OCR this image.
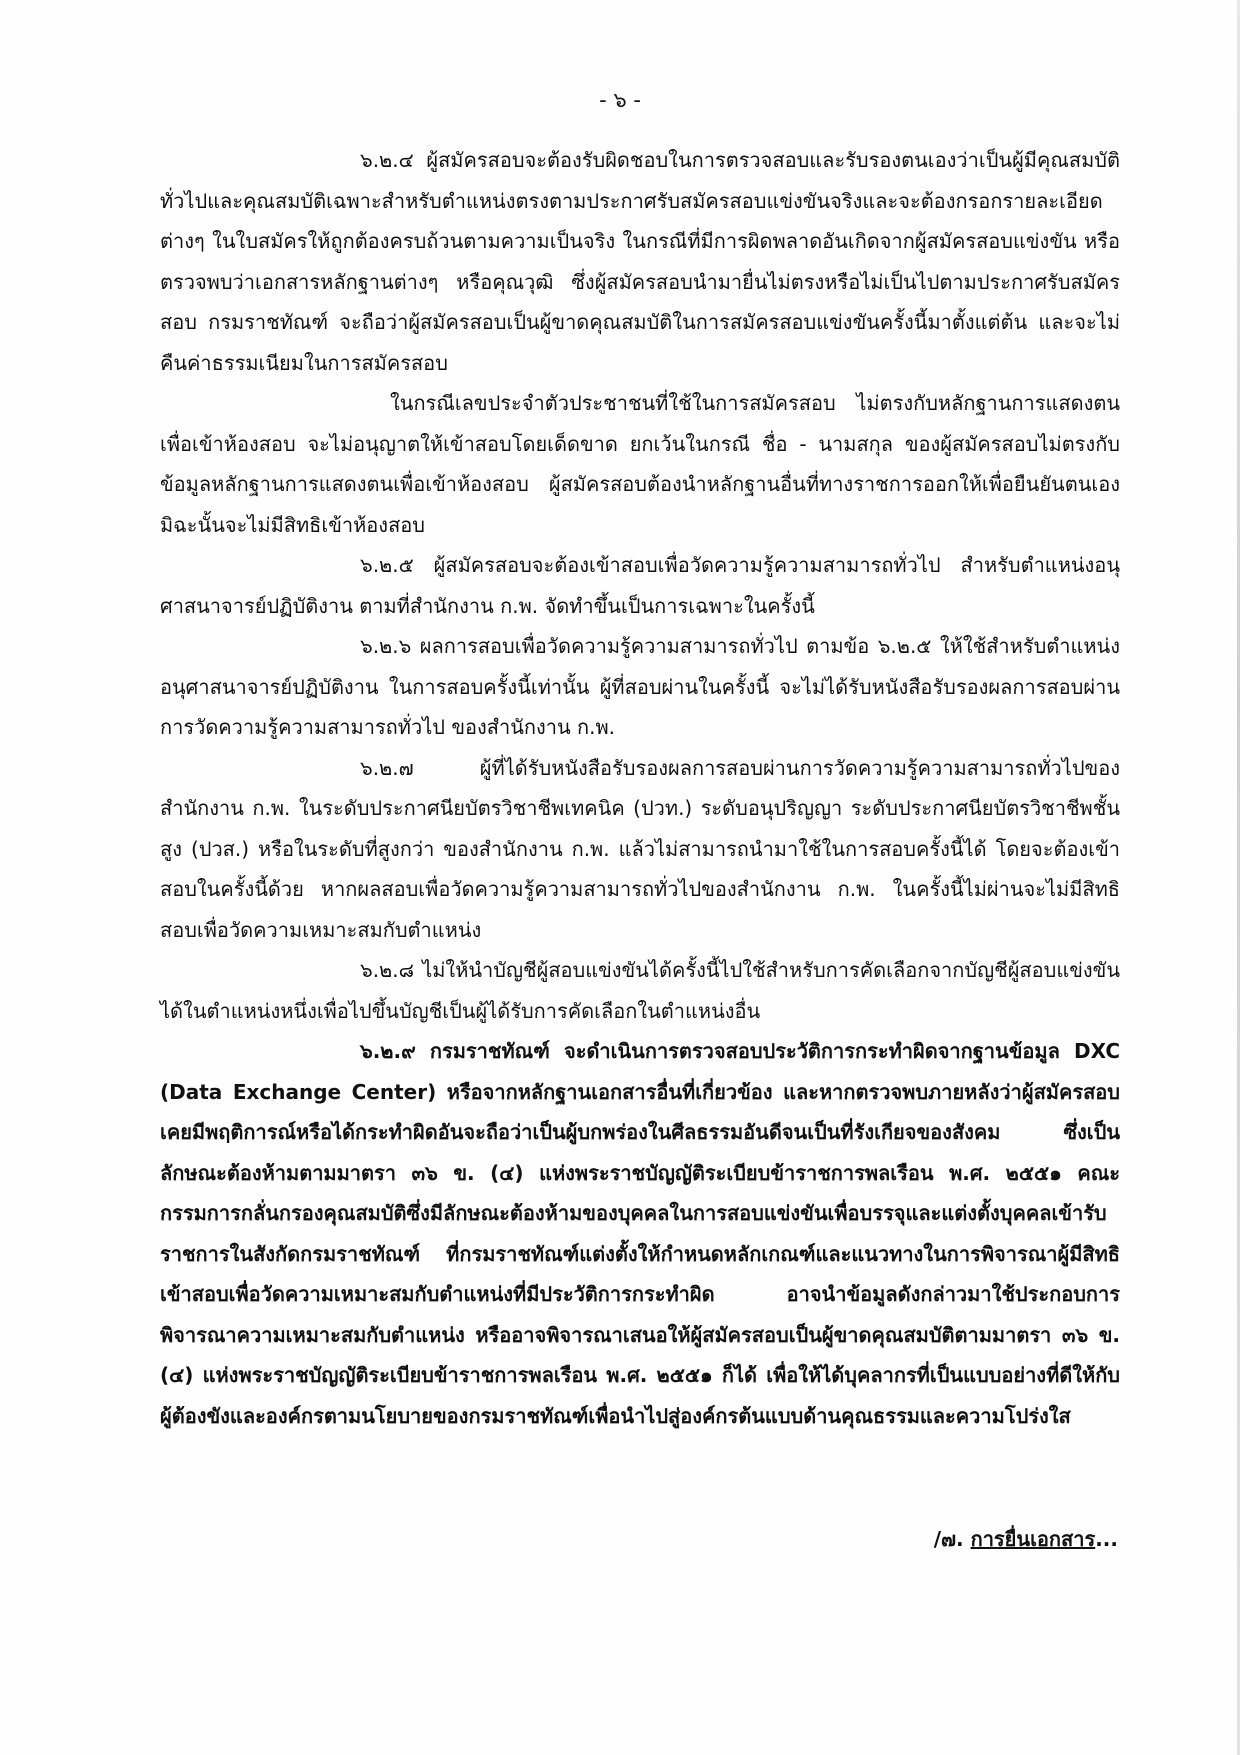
- ๖ -

๖.๒.๔ ผู้สมัครสอบจะต้องรับผิดชอบในการตรวจสอบและรับรองตนเองว่าเป็นผู้มีคุณสมบัติทั่วไปและคุณสมบัติเฉพาะสำหรับตำแหน่งตรงตามประกาศรับสมัครสอบแข่งขันจริงและจะต้องกรอกรายละเอียดต่างๆ ในใบสมัครให้ถูกต้องครบถ้วนตามความเป็นจริง ในกรณีที่มีการผิดพลาดอันเกิดจากผู้สมัครสอบแข่งขัน หรือตรวจพบว่าเอกสารหลักฐานต่างๆ หรือคุณวุฒิ ซึ่งผู้สมัครสอบนำมายื่นไม่ตรงหรือไม่เป็นไปตามประกาศรับสมัครสอบ กรมราชทัณฑ์ จะถือว่าผู้สมัครสอบเป็นผู้ขาดคุณสมบัติในการสมัครสอบแข่งขันครั้งนี้มาตั้งแต่ต้น และจะไม่คืนค่าธรรมเนียมในการสมัครสอบ

ในกรณีเลขประจำตัวประชาชนที่ใช้ในการสมัครสอบ ไม่ตรงกับหลักฐานการแสดงตนเพื่อเข้าห้องสอบ จะไม่อนุญาตให้เข้าสอบโดยเด็ดขาด ยกเว้นในกรณี ชื่อ - นามสกุล ของผู้สมัครสอบไม่ตรงกับข้อมูลหลักฐานการแสดงตนเพื่อเข้าห้องสอบ ผู้สมัครสอบต้องนำหลักฐานอื่นที่ทางราชการออกให้เพื่อยืนยันตนเอง มิฉะนั้นจะไม่มีสิทธิเข้าห้องสอบ

๖.๒.๕ ผู้สมัครสอบจะต้องเข้าสอบเพื่อวัดความรู้ความสามารถทั่วไป สำหรับตำแหน่งอนุศาสนาจารย์ปฏิบัติงาน ตามที่สำนักงาน ก.พ. จัดทำขึ้นเป็นการเฉพาะในครั้งนี้

๖.๒.๖ ผลการสอบเพื่อวัดความรู้ความสามารถทั่วไป ตามข้อ ๖.๒.๕ ให้ใช้สำหรับตำแหน่งอนุศาสนาจารย์ปฏิบัติงาน ในการสอบครั้งนี้เท่านั้น ผู้ที่สอบผ่านในครั้งนี้ จะไม่ได้รับหนังสือรับรองผลการสอบผ่านการวัดความรู้ความสามารถทั่วไป ของสำนักงาน ก.พ.

๖.๒.๗ ผู้ที่ได้รับหนังสือรับรองผลการสอบผ่านการวัดความรู้ความสามารถทั่วไปของสำนักงาน ก.พ. ในระดับประกาศนียบัตรวิชาชีพเทคนิค (ปวท.) ระดับอนุปริญญา ระดับประกาศนียบัตรวิชาชีพชั้นสูง (ปวส.) หรือในระดับที่สูงกว่า ของสำนักงาน ก.พ. แล้วไม่สามารถนำมาใช้ในการสอบครั้งนี้ได้ โดยจะต้องเข้าสอบในครั้งนี้ด้วย หากผลสอบเพื่อวัดความรู้ความสามารถทั่วไปของสำนักงาน ก.พ. ในครั้งนี้ไม่ผ่านจะไม่มีสิทธิสอบเพื่อวัดความเหมาะสมกับตำแหน่ง

๖.๒.๘ ไม่ให้นำบัญชีผู้สอบแข่งขันได้ครั้งนี้ไปใช้สำหรับการคัดเลือกจากบัญชีผู้สอบแข่งขันได้ในตำแหน่งหนึ่งเพื่อไปขึ้นบัญชีเป็นผู้ได้รับการคัดเลือกในตำแหน่งอื่น

๖.๒.๙ กรมราชทัณฑ์ จะดำเนินการตรวจสอบประวัติการกระทำผิดจากฐานข้อมูล DXC (Data Exchange Center) หรือจากหลักฐานเอกสารอื่นที่เกี่ยวข้อง และหากตรวจพบภายหลังว่าผู้สมัครสอบเคยมีพฤติการณ์หรือได้กระทำผิดอันจะถือว่าเป็นผู้บกพร่องในศีลธรรมอันดีจนเป็นที่รังเกียจของสังคม ซึ่งเป็นลักษณะต้องห้ามตามมาตรา ๓๖ ข. (๔) แห่งพระราชบัญญัติระเบียบข้าราชการพลเรือน พ.ศ. ๒๕๕๑ คณะกรรมการกลั่นกรองคุณสมบัติซึ่งมีลักษณะต้องห้ามของบุคคลในการสอบแข่งขันเพื่อบรรจุและแต่งตั้งบุคคลเข้ารับราชการในสังกัดกรมราชทัณฑ์ ที่กรมราชทัณฑ์แต่งตั้งให้กำหนดหลักเกณฑ์และแนวทางในการพิจารณาผู้มีสิทธิเข้าสอบเพื่อวัดความเหมาะสมกับตำแหน่งที่มีประวัติการกระทำผิด อาจนำข้อมูลดังกล่าวมาใช้ประกอบการพิจารณาความเหมาะสมกับตำแหน่ง หรืออาจพิจารณาเสนอให้ผู้สมัครสอบเป็นผู้ขาดคุณสมบัติตามมาตรา ๓๖ ข.(๔) แห่งพระราชบัญญัติระเบียบข้าราชการพลเรือน พ.ศ. ๒๕๕๑ ก็ได้ เพื่อให้ได้บุคลากรที่เป็นแบบอย่างที่ดีให้กับผู้ต้องขังและองค์กรตามนโยบายของกรมราชทัณฑ์เพื่อนำไปสู่องค์กรต้นแบบด้านคุณธรรมและความโปร่งใส

/๗. การยื่นเอกสาร...
